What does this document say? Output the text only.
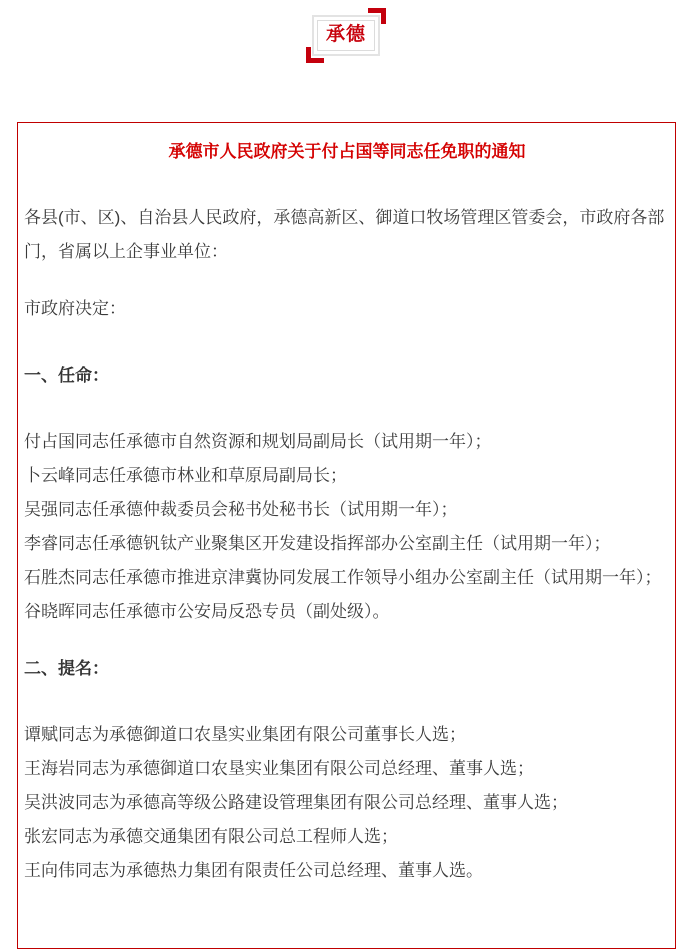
承德
承德市人民政府关于付占国等同志任免职的通知

各县(市、区)、自治县人民政府，承德高新区、御道口牧场管理区管委会，市政府各部门，省属以上企事业单位：

市政府决定：

一、任命：
付占国同志任承德市自然资源和规划局副局长（试用期一年）；
卜云峰同志任承德市林业和草原局副局长；
吴强同志任承德仲裁委员会秘书处秘书长（试用期一年）；
李睿同志任承德钒钛产业聚集区开发建设指挥部办公室副主任（试用期一年）；
石胜杰同志任承德市推进京津冀协同发展工作领导小组办公室副主任（试用期一年）；
谷晓晖同志任承德市公安局反恐专员（副处级）。
二、提名：
谭赋同志为承德御道口农垦实业集团有限公司董事长人选；
王海岩同志为承德御道口农垦实业集团有限公司总经理、董事人选；
吴洪波同志为承德高等级公路建设管理集团有限公司总经理、董事人选；
张宏同志为承德交通集团有限公司总工程师人选；
王向伟同志为承德热力集团有限责任公司总经理、董事人选。
